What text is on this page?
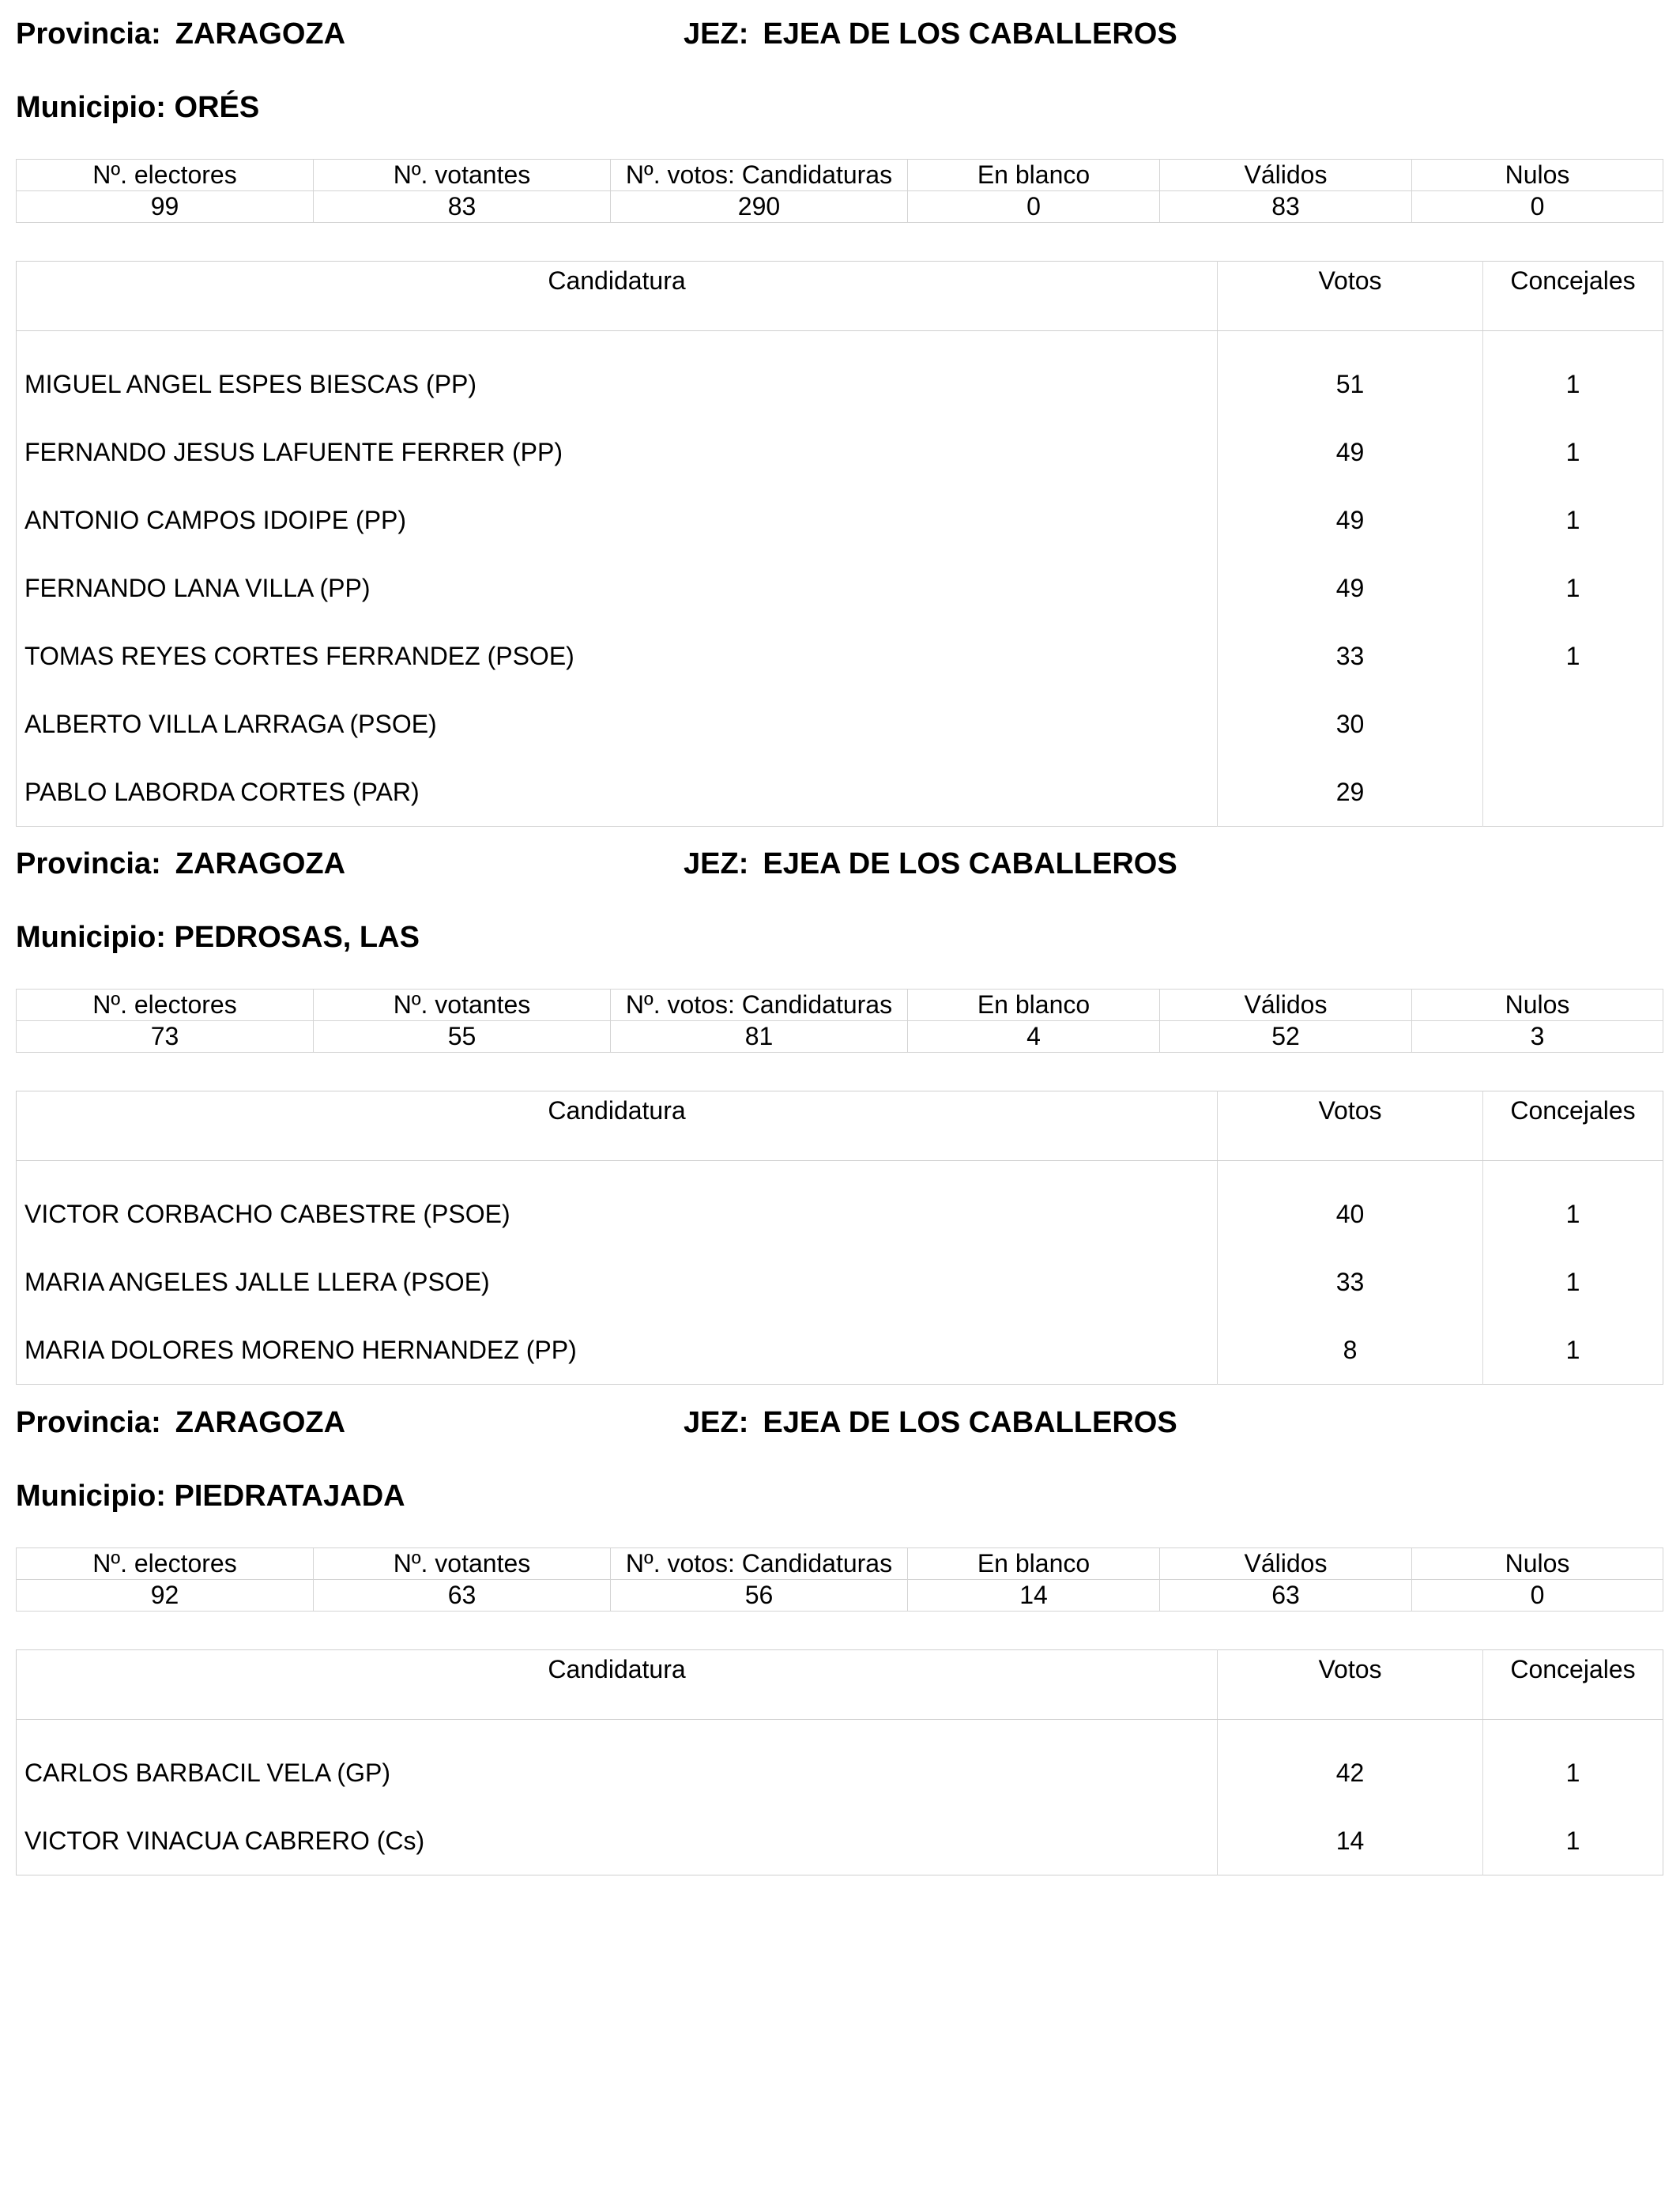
Provincia: ZARAGOZA	JEZ: EJEA DE LOS CABALLEROS
Municipio: ORÉS
Nº. electores	Nº. votantes	Nº. votos: Candidaturas	En blanco	Válidos	Nulos
99	83	290	0	83	0
Candidatura	Votos	Concejales
MIGUEL ANGEL ESPES BIESCAS (PP)	51	1
FERNANDO JESUS LAFUENTE FERRER (PP)	49	1
ANTONIO CAMPOS IDOIPE (PP)	49	1
FERNANDO LANA VILLA (PP)	49	1
TOMAS REYES CORTES FERRANDEZ (PSOE)	33	1
ALBERTO VILLA LARRAGA (PSOE)	30	
PABLO LABORDA CORTES (PAR)	29	
Provincia: ZARAGOZA	JEZ: EJEA DE LOS CABALLEROS
Municipio: PEDROSAS, LAS
Nº. electores	Nº. votantes	Nº. votos: Candidaturas	En blanco	Válidos	Nulos
73	55	81	4	52	3
Candidatura	Votos	Concejales
VICTOR CORBACHO CABESTRE (PSOE)	40	1
MARIA ANGELES JALLE LLERA (PSOE)	33	1
MARIA DOLORES MORENO HERNANDEZ (PP)	8	1
Provincia: ZARAGOZA	JEZ: EJEA DE LOS CABALLEROS
Municipio: PIEDRATAJADA
Nº. electores	Nº. votantes	Nº. votos: Candidaturas	En blanco	Válidos	Nulos
92	63	56	14	63	0
Candidatura	Votos	Concejales
CARLOS BARBACIL VELA (GP)	42	1
VICTOR VINACUA CABRERO (Cs)	14	1
